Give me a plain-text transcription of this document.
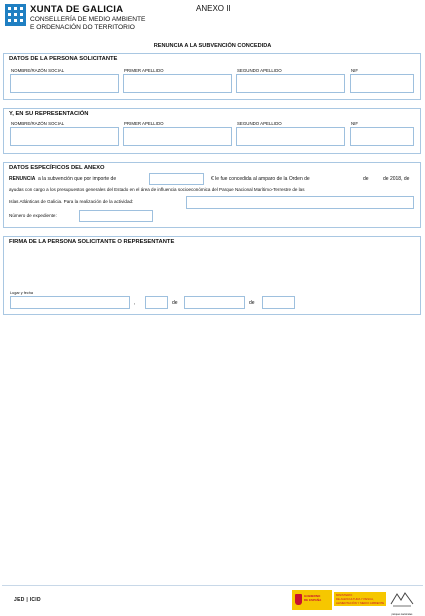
XUNTA DE GALICIA
CONSELLERÍA DE MEDIO AMBIENTE
E ORDENACIÓN DO TERRITORIO
ANEXO II
RENUNCIA A LA SUBVENCIÓN CONCEDIDA
DATOS DE LA PERSONA SOLICITANTE
NOMBRE/RAZÓN SOCIAL	PRIMER APELLIDO	SEGUNDO APELLIDO	NIF
Y, EN SU REPRESENTACIÓN
NOMBRE/RAZÓN SOCIAL	PRIMER APELLIDO	SEGUNDO APELLIDO	NIF
DATOS ESPECÍFICOS DEL ANEXO
RENUNCIA a la subvención que por importe de	€ le fue concedida al amparo de la Orden de	de	de 2018, de
ayudas con cargo a los presupuestos generales del Estado en el área de influencia socioeconómica del Parque Nacional Marítimo-Terrestre de las
Islas Atlánticas de Galicia. Para la realización de la actividad:
Número de expediente:
FIRMA DE LA PERSONA SOLICITANTE O REPRESENTANTE
Lugar y fecha
,	de	de
JED | ICID
GOBIERNO
DE ESPAÑA
MINISTERIO
DE AGRICULTURA Y PESCA,
ALIMENTACIÓN Y MEDIO AMBIENTE
parques nacionales
